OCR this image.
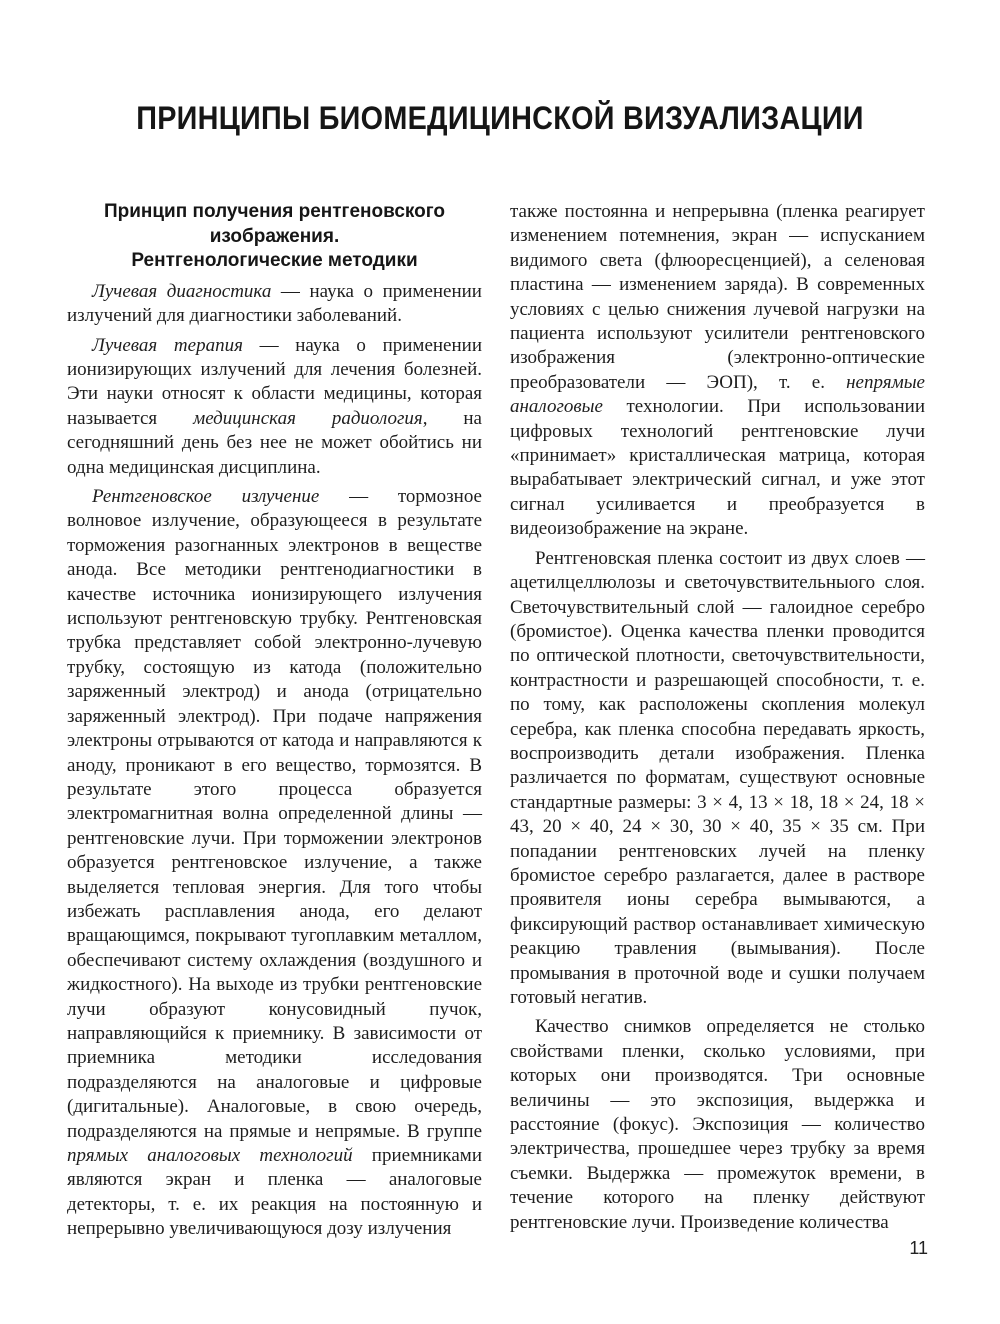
ПРИНЦИПЫ БИОМЕДИЦИНСКОЙ ВИЗУАЛИЗАЦИИ
Принцип получения рентгеновского изображения.
Рентгенологические методики

Лучевая диагностика — наука о применении излучений для диагностики заболеваний.

Лучевая терапия — наука о применении ионизирующих излучений для лечения болезней. Эти науки относят к области медицины, которая называется медицинская радиология, на сегодняшний день без нее не может обойтись ни одна медицинская дисциплина.

Рентгеновское излучение — тормозное волновое излучение, образующееся в результате торможения разогнанных электронов в веществе анода. Все методики рентгенодиагностики в качестве источника ионизирующего излучения используют рентгеновскую трубку. Рентгеновская трубка представляет собой электронно-лучевую трубку, состоящую из катода (положительно заряженный электрод) и анода (отрицательно заряженный электрод). При подаче напряжения электроны отрываются от катода и направляются к аноду, проникают в его вещество, тормозятся. В результате этого процесса образуется электромагнитная волна определенной длины — рентгеновские лучи. При торможении электронов образуется рентгеновское излучение, а также выделяется тепловая энергия. Для того чтобы избежать расплавления анода, его делают вращающимся, покрывают тугоплавким металлом, обеспечивают систему охлаждения (воздушного и жидкостного). На выходе из трубки рентгеновские лучи образуют конусовидный пучок, направляющийся к приемнику. В зависимости от приемника методики исследования подразделяются на аналоговые и цифровые (дигитальные). Аналоговые, в свою очередь, подразделяются на прямые и непрямые. В группе прямых аналоговых технологий приемниками являются экран и пленка — аналоговые детекторы, т. е. их реакция на постоянную и непрерывно увеличивающуюся дозу излучения

также постоянна и непрерывна (пленка реагирует изменением потемнения, экран — испусканием видимого света (флюоресценцией), а селеновая пластина — изменением заряда). В современных условиях с целью снижения лучевой нагрузки на пациента используют усилители рентгеновского изображения (электронно-оптические преобразователи — ЭОП), т. е. непрямые аналоговые технологии. При использовании цифровых технологий рентгеновские лучи «принимает» кристаллическая матрица, которая вырабатывает электрический сигнал, и уже этот сигнал усиливается и преобразуется в видеоизображение на экране.

Рентгеновская пленка состоит из двух слоев — ацетилцеллюлозы и светочувствительныого слоя. Светочувствительный слой — галоидное серебро (бромистое). Оценка качества пленки проводится по оптической плотности, светочувствительности, контрастности и разрешающей способности, т. е. по тому, как расположены скопления молекул серебра, как пленка способна передавать яркость, воспроизводить детали изображения. Пленка различается по форматам, существуют основные стандартные размеры: 3 × 4, 13 × 18, 18 × 24, 18 × 43, 20 × 40, 24 × 30, 30 × 40, 35 × 35 см. При попадании рентгеновских лучей на пленку бромистое серебро разлагается, далее в растворе проявителя ионы серебра вымываются, а фиксирующий раствор останавливает химическую реакцию травления (вымывания). После промывания в проточной воде и сушки получаем готовый негатив.

Качество снимков определяется не столько свойствами пленки, сколько условиями, при которых они производятся. Три основные величины — это экспозиция, выдержка и расстояние (фокус). Экспозиция — количество электричества, прошедшее через трубку за время съемки. Выдержка — промежуток времени, в течение которого на пленку действуют рентгеновские лучи. Произведение количества

11
